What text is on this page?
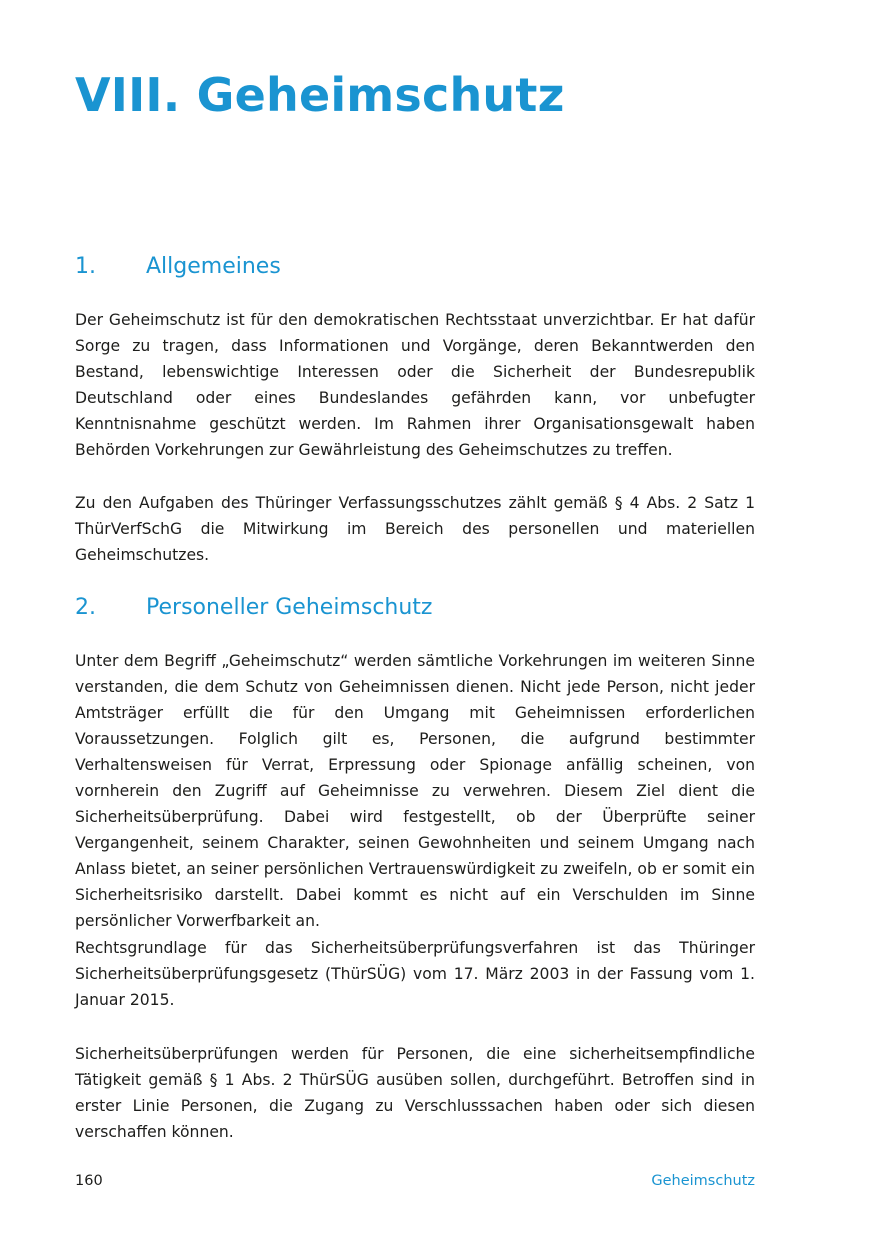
VIII. Geheimschutz
1. Allgemeines

Der Geheimschutz ist für den demokratischen Rechtsstaat unverzichtbar. Er hat dafür Sorge zu tragen, dass Informationen und Vorgänge, deren Bekanntwerden den Bestand, lebenswichtige Interessen oder die Sicherheit der Bundesrepublik Deutschland oder eines Bundeslandes gefährden kann, vor unbefugter Kenntnisnahme geschützt werden. Im Rahmen ihrer Organisationsgewalt haben Behörden Vorkehrungen zur Gewährleistung des Geheimschutzes zu treffen.

Zu den Aufgaben des Thüringer Verfassungsschutzes zählt gemäß § 4 Abs. 2 Satz 1 ThürVerfSchG die Mitwirkung im Bereich des personellen und materiellen Geheimschutzes.

2. Personeller Geheimschutz

Unter dem Begriff „Geheimschutz“ werden sämtliche Vorkehrungen im weiteren Sinne verstanden, die dem Schutz von Geheimnissen dienen. Nicht jede Person, nicht jeder Amtsträger erfüllt die für den Umgang mit Geheimnissen erforderlichen Voraussetzungen. Folglich gilt es, Personen, die aufgrund bestimmter Verhaltensweisen für Verrat, Erpressung oder Spionage anfällig scheinen, von vornherein den Zugriff auf Geheimnisse zu verwehren. Diesem Ziel dient die Sicherheitsüberprüfung. Dabei wird festgestellt, ob der Überprüfte seiner Vergangenheit, seinem Charakter, seinen Gewohnheiten und seinem Umgang nach Anlass bietet, an seiner persönlichen Vertrauenswürdigkeit zu zweifeln, ob er somit ein Sicherheitsrisiko darstellt. Dabei kommt es nicht auf ein Verschulden im Sinne persönlicher Vorwerfbarkeit an.

Rechtsgrundlage für das Sicherheitsüberprüfungsverfahren ist das Thüringer Sicherheitsüberprüfungsgesetz (ThürSÜG) vom 17. März 2003 in der Fassung vom 1. Januar 2015.

Sicherheitsüberprüfungen werden für Personen, die eine sicherheitsempfindliche Tätigkeit gemäß § 1 Abs. 2 ThürSÜG ausüben sollen, durchgeführt. Betroffen sind in erster Linie Personen, die Zugang zu Verschlusssachen haben oder sich diesen verschaffen können.

160	Geheimschutz
